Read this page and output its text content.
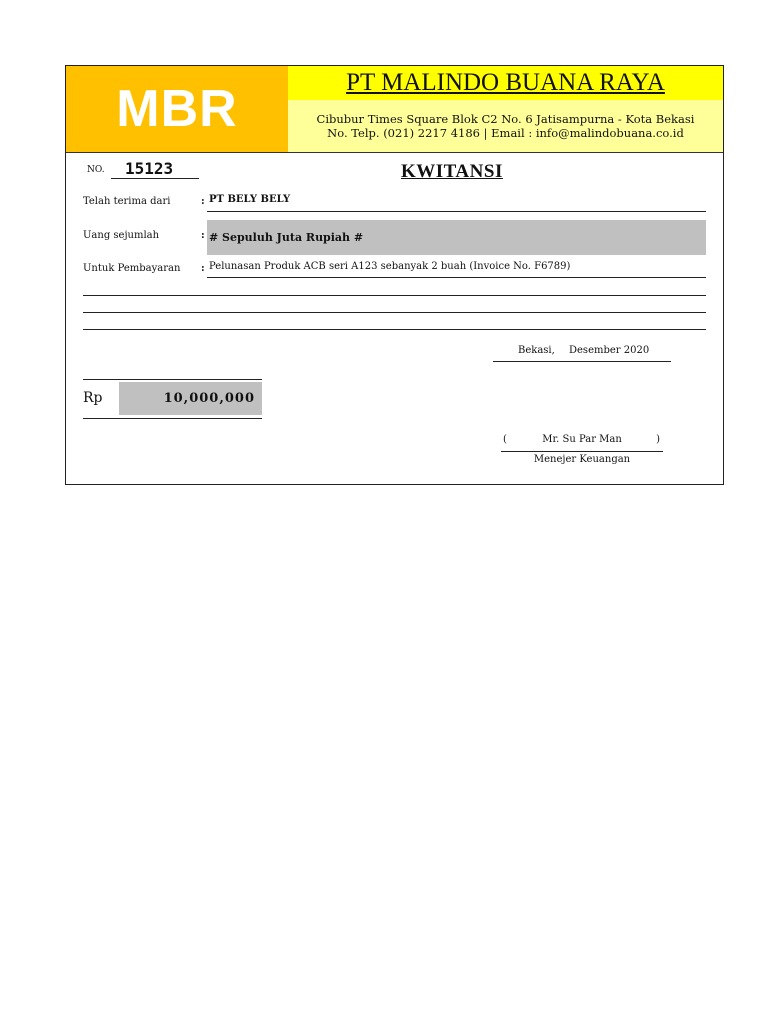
MBR	PT MALINDO BUANA RAYA
Cibubur Times Square Blok C2 No. 6 Jatisampurna - Kota Bekasi
No. Telp. (021) 2217 4186 | Email : info@malindobuana.co.id
NO.	15123	KWITANSI
Telah terima dari	: PT BELY BELY
Uang sejumlah	: # Sepuluh Juta Rupiah #
Untuk Pembayaran : Pelunasan Produk ACB seri A123 sebanyak 2 buah (Invoice No. F6789)
Bekasi, Desember 2020
Rp	10,000,000
(	Mr. Su Par Man	)
Menejer Keuangan
